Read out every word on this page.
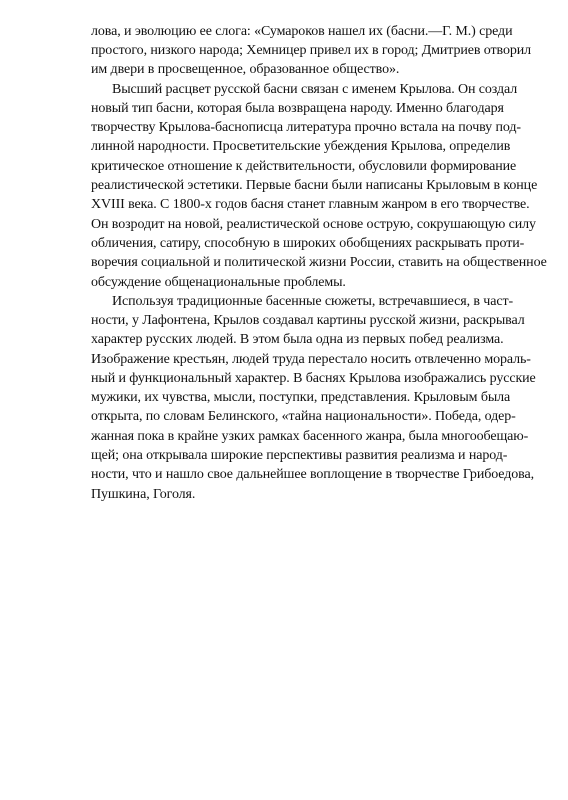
лова, и эволюцию ее слога: «Сумароков нашел их (басни.—Г. М.) среди
простого, низкого народа; Хемницер привел их в город; Дмитриев отворил
им двери в просвещенное, образованное общество».
Высший расцвет русской басни связан с именем Крылова. Он создал
новый тип басни, которая была возвращена народу. Именно благодаря
творчеству Крылова-баснописца литература прочно встала на почву под-
линной народности. Просветительские убеждения Крылова, определив
критическое отношение к действительности, обусловили формирование
реалистической эстетики. Первые басни были написаны Крыловым в конце
XVIII века. С 1800-х годов басня станет главным жанром в его творчестве.
Он возродит на новой, реалистической основе острую, сокрушающую силу
обличения, сатиру, способную в широких обобщениях раскрывать проти-
воречия социальной и политической жизни России, ставить на общественное
обсуждение общенациональные проблемы.
Используя традиционные басенные сюжеты, встречавшиеся, в част-
ности, у Лафонтена, Крылов создавал картины русской жизни, раскрывал
характер русских людей. В этом была одна из первых побед реализма.
Изображение крестьян, людей труда перестало носить отвлеченно мораль-
ный и функциональный характер. В баснях Крылова изображались русские
мужики, их чувства, мысли, поступки, представления. Крыловым была
открыта, по словам Белинского, «тайна национальности». Победа, одер-
жанная пока в крайне узких рамках басенного жанра, была многообещаю-
щей; она открывала широкие перспективы развития реализма и народ-
ности, что и нашло свое дальнейшее воплощение в творчестве Грибоедова,
Пушкина, Гоголя.
